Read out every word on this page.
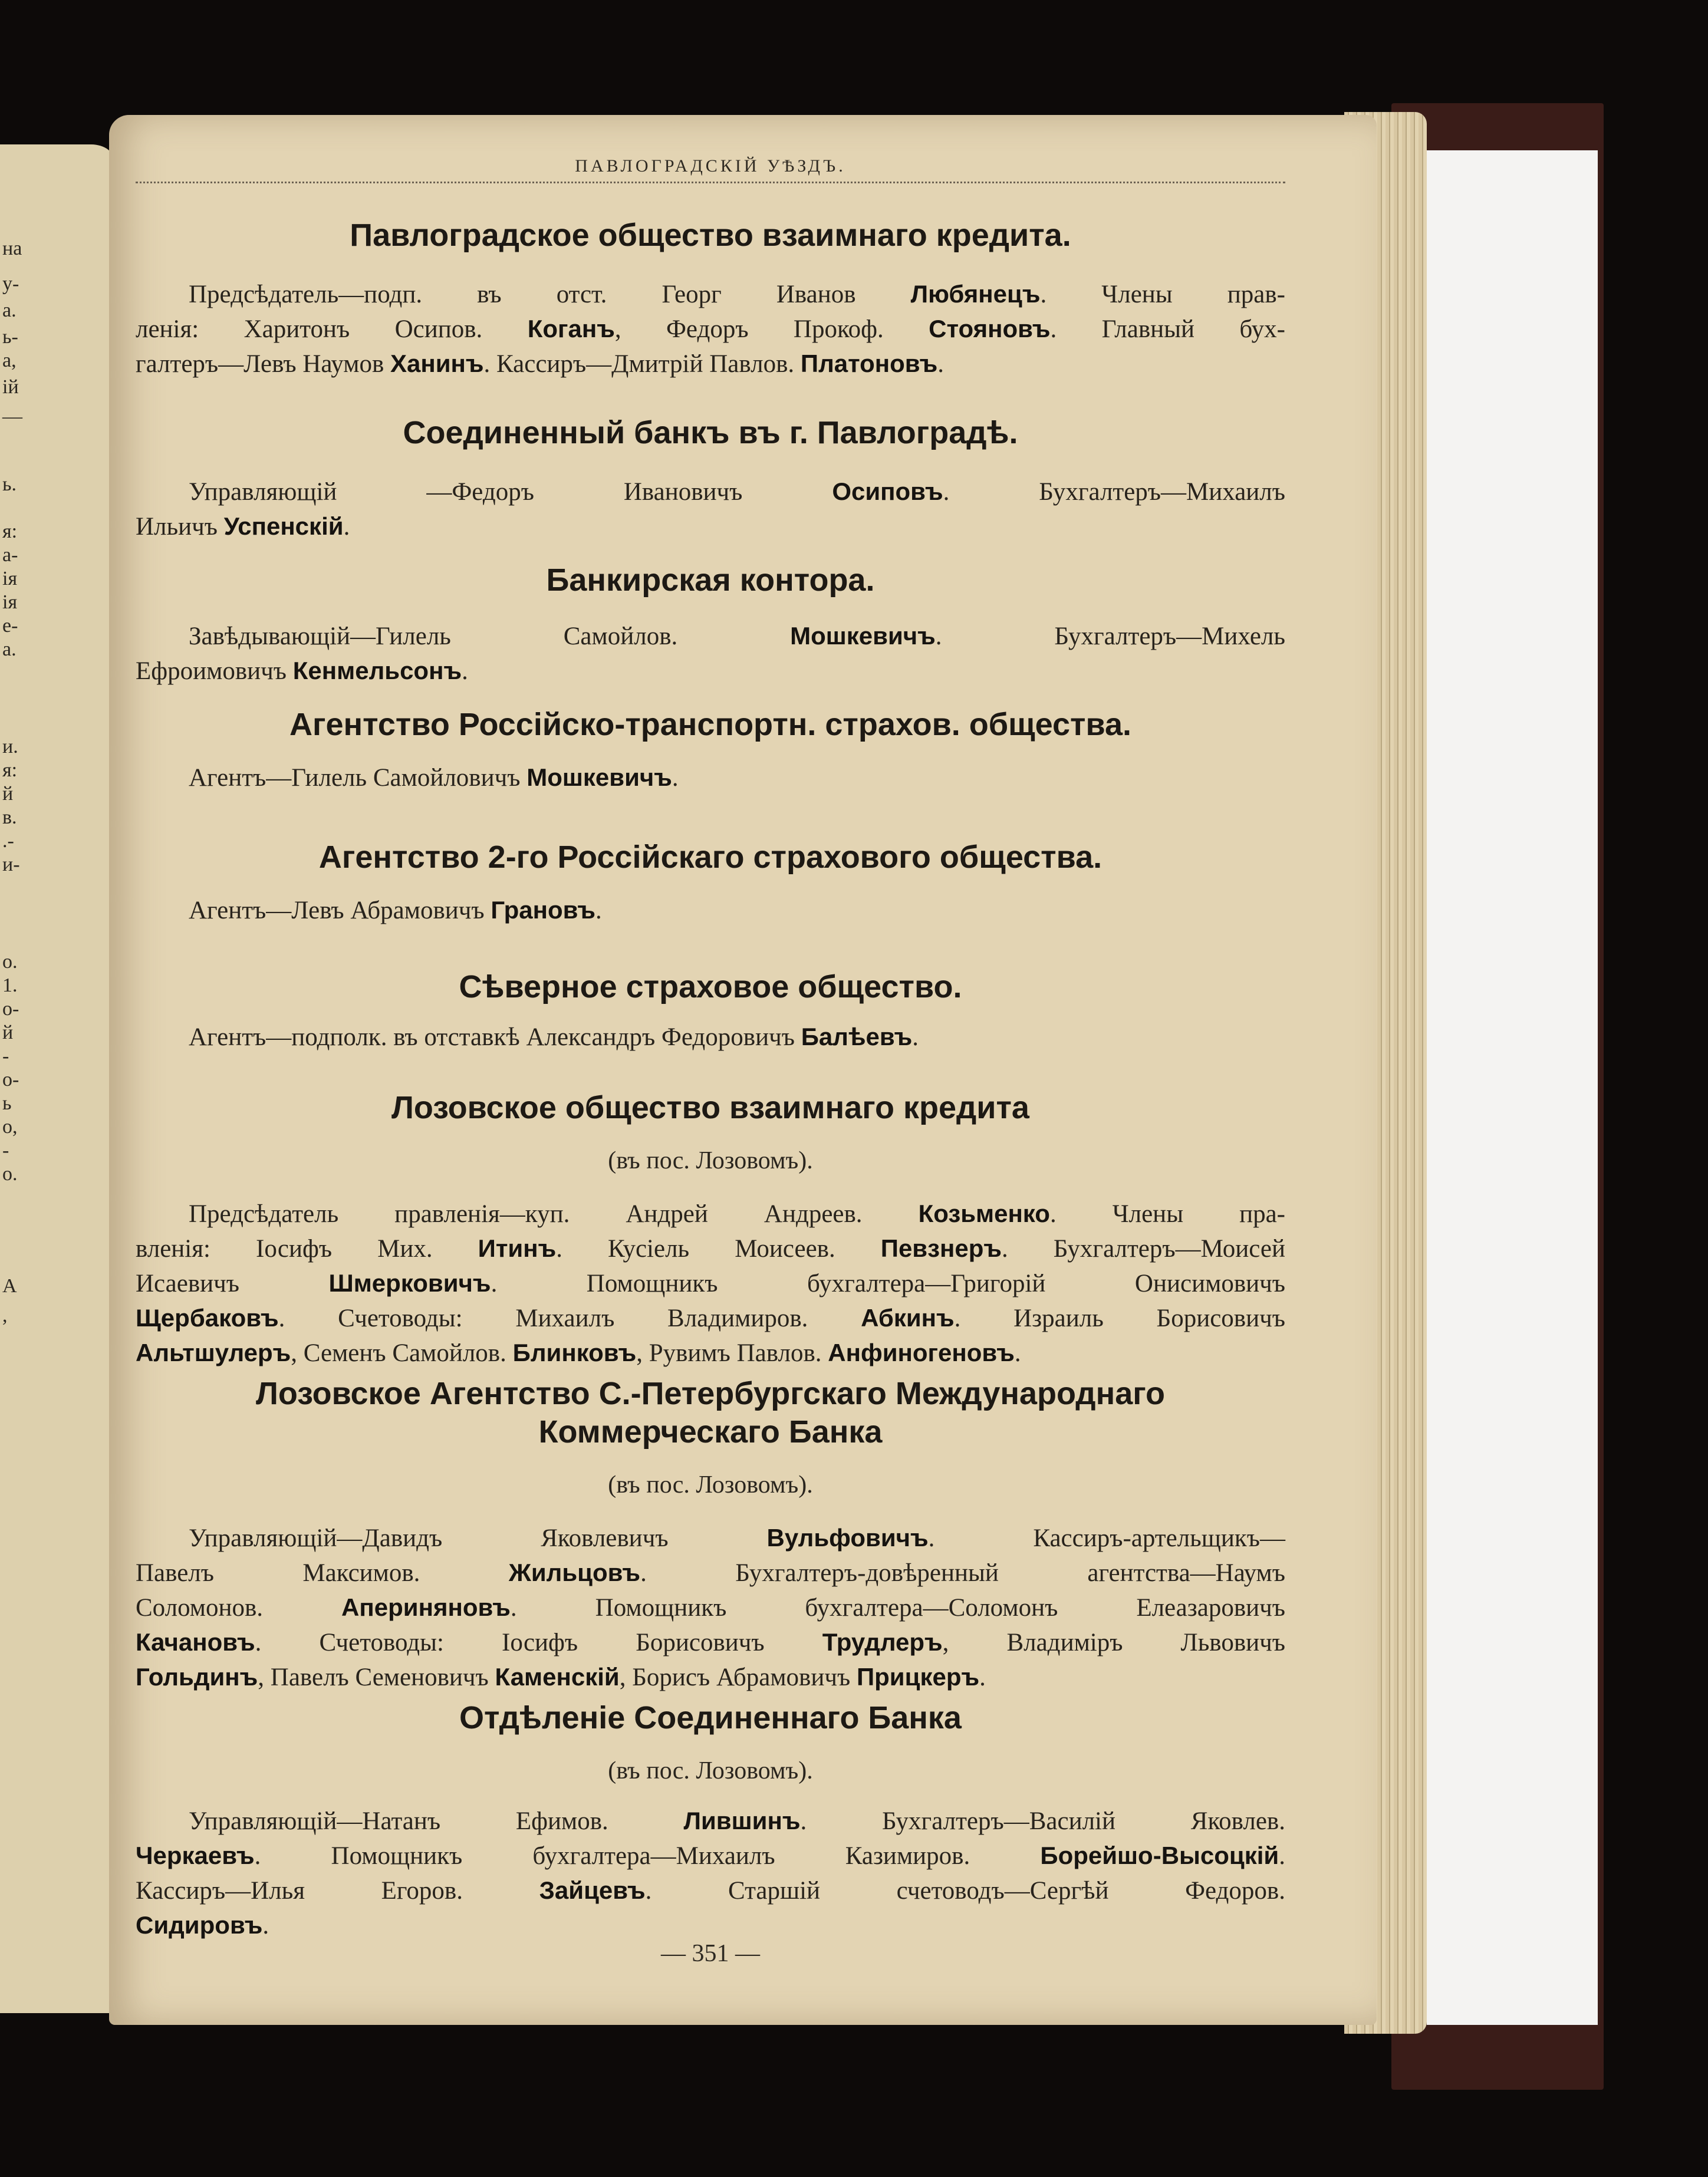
на
у-
а.
ь-
а,
ій
—
ь.
я:
а-
ія
ія
е-
а.
и.
я:
й
в.
.-
и-
о.
1.
о-
й
-
о-
ь
о,
-
о.
А
,
ПАВЛОГРАДСКІЙ УѢЗДЪ.
Павлоградское общество взаимнаго кредита.
Предсѣдатель—подп. въ отст. Георг Иванов Любянецъ. Члены прав-
ленія: Харитонъ Осипов. Коганъ, Федоръ Прокоф. Стояновъ. Главный бух-
галтеръ—Левъ Наумов Ханинъ. Кассиръ—Дмитрій Павлов. Платоновъ.
Соединенный банкъ въ г. Павлоградѣ.
Управляющій —Федоръ Ивановичъ Осиповъ. Бухгалтеръ—Михаилъ
Ильичъ Успенскій.
Банкирская контора.
Завѣдывающій—Гилель Самойлов. Мошкевичъ. Бухгалтеръ—Михель
Ефроимовичъ Кенмельсонъ.
Агентство Россійско-транспортн. страхов. общества.
Агентъ—Гилель Самойловичъ Мошкевичъ.
Агентство 2-го Россійскаго страхового общества.
Агентъ—Левъ Абрамовичъ Грановъ.
Сѣверное страховое общество.
Агентъ—подполк. въ отставкѣ Александръ Федоровичъ Балѣевъ.
Лозовское общество взаимнаго кредита
(въ пос. Лозовомъ).
Предсѣдатель правленія—куп. Андрей Андреев. Козьменко. Члены пра-
вленія: Іосифъ Мих. Итинъ. Кусіель Моисеев. Певзнеръ. Бухгалтеръ—Моисей
Исаевичъ Шмерковичъ. Помощникъ бухгалтера—Григорій Онисимовичъ
Щербаковъ. Счетоводы: Михаилъ Владимиров. Абкинъ. Израиль Борисовичъ
Альтшулеръ, Семенъ Самойлов. Блинковъ, Рувимъ Павлов. Анфиногеновъ.
Лозовское Агентство С.-Петербургскаго Международнаго
Коммерческаго Банка
(въ пос. Лозовомъ).
Управляющій—Давидъ Яковлевичъ Вульфовичъ. Кассиръ-артельщикъ—
Павелъ Максимов. Жильцовъ. Бухгалтеръ-довѣренный агентства—Наумъ
Соломонов. Апериняновъ. Помощникъ бухгалтера—Соломонъ Елеазаровичъ
Качановъ. Счетоводы: Іосифъ Борисовичъ Трудлеръ, Владиміръ Львовичъ
Гольдинъ, Павелъ Семеновичъ Каменскій, Борисъ Абрамовичъ Прицкеръ.
Отдѣленіе Соединеннаго Банка
(въ пос. Лозовомъ).
Управляющій—Натанъ Ефимов. Лившинъ. Бухгалтеръ—Василій Яковлев.
Черкаевъ. Помощникъ бухгалтера—Михаилъ Казимиров. Борейшо-Высоцкій.
Кассиръ—Илья Егоров. Зайцевъ. Старшій счетоводъ—Сергѣй Федоров.
Сидировъ.
— 351 —
